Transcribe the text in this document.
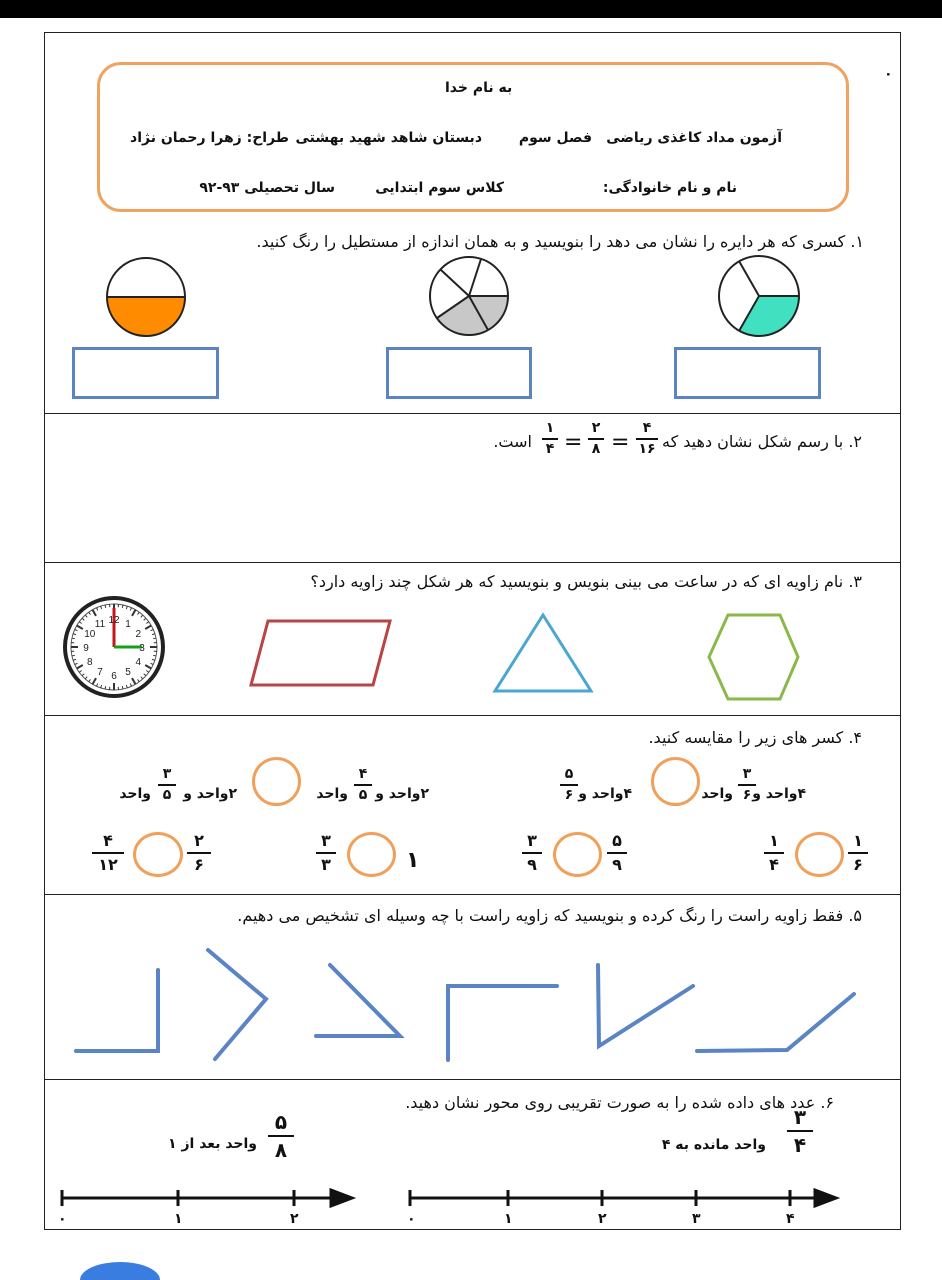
٠
به نام خدا
آزمون مداد کاغذی ریاضی
فصل سوم
دبستان شاهد شهید بهشتی
طراح: زهرا رحمان نژاد
نام و نام خانوادگی:
کلاس سوم ابتدایی
سال تحصیلی ۹۳-۹۲
۱. کسری که هر دایره را نشان می دهد را بنویسید و به همان اندازه از مستطیل را رنگ کنید.
۲. با رسم شکل نشان دهید که
۴
۱۶
=
۲
۸
=
۱
۴
است.
۳. نام زاویه ای که در ساعت می بینی بنویس و بنویسید که هر شکل چند زاویه دارد؟
12 1
2
3
4
5
6
7
8
9
10
11
۴. کسر های زیر را مقایسه کنید.
۴واحد و
۳
۶
واحد
۴واحد و
۵
۶
۲واحد و
۴
۵
واحد
۲واحد و
۳
۵
واحد
۱
۶
۱
۴
۵
۹
۳
۹
۱
۳
۳
۲
۶
۴
۱۲
۵. فقط زاویه راست را رنگ کرده و بنویسید که زاویه راست با چه وسیله ای تشخیص می دهیم.
۶. عدد های داده شده را به صورت تقریبی روی محور نشان دهید.
۳
۴
واحد مانده به ۴
۵
۸
واحد بعد از ۱
۴
۳
۲
۱
۰
۲
۱
۰
